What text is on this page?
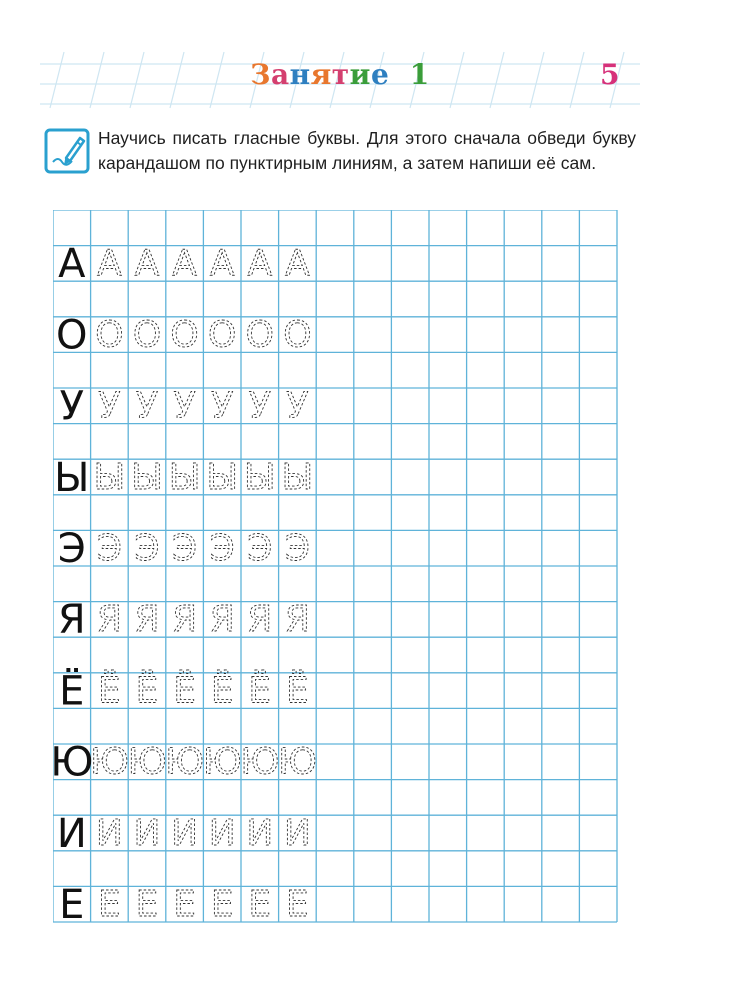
Занятие 1	5
Научись писать гласные буквы. Для этого сначала обведи букву карандашом по пунктирным линиям, а затем напиши её сам.
А А А А А А А
О О О О О О О
У У У У У У У
Ы Ы Ы Ы Ы Ы Ы
Э Э Э Э Э Э Э
Я Я Я Я Я Я Я
Ё Ё Ё Ё Ё Ё Ё
Ю
Ю
Ю
Ю
Ю
Ю
Ю
И И И И И И И
Е Е Е Е Е Е Е
